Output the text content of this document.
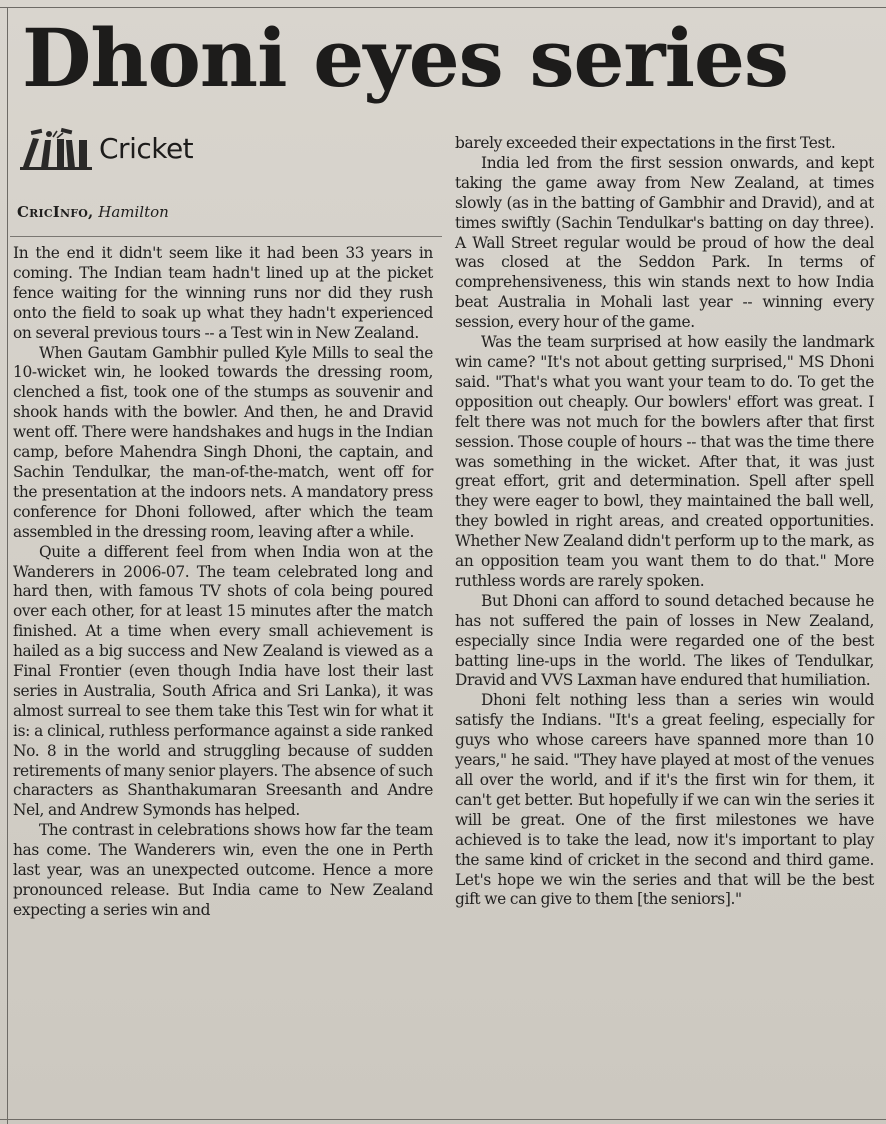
Dhoni eyes series
Cricket
CricInfo, Hamilton

In the end it didn't seem like it had been 33 years in coming. The Indian team hadn't lined up at the picket fence waiting for the winning runs nor did they rush onto the field to soak up what they hadn't experienced on several previous tours -- a Test win in New Zealand.

When Gautam Gambhir pulled Kyle Mills to seal the 10-wicket win, he looked towards the dressing room, clenched a fist, took one of the stumps as souvenir and shook hands with the bowler. And then, he and Dravid went off. There were handshakes and hugs in the Indian camp, before Mahendra Singh Dhoni, the captain, and Sachin Tendulkar, the man-of-the-match, went off for the presentation at the indoors nets. A mandatory press conference for Dhoni followed, after which the team assembled in the dressing room, leaving after a while.

Quite a different feel from when India won at the Wanderers in 2006-07. The team celebrated long and hard then, with famous TV shots of cola being poured over each other, for at least 15 minutes after the match finished. At a time when every small achievement is hailed as a big success and New Zealand is viewed as a Final Frontier (even though India have lost their last series in Australia, South Africa and Sri Lanka), it was almost surreal to see them take this Test win for what it is: a clinical, ruthless performance against a side ranked No. 8 in the world and struggling because of sudden retirements of many senior players. The absence of such characters as Shanthakumaran Sreesanth and Andre Nel, and Andrew Symonds has helped.

The contrast in celebrations shows how far the team has come. The Wanderers win, even the one in Perth last year, was an unexpected outcome. Hence a more pronounced release. But India came to New Zealand expecting a series win and

barely exceeded their expectations in the first Test.

India led from the first session onwards, and kept taking the game away from New Zealand, at times slowly (as in the batting of Gambhir and Dravid), and at times swiftly (Sachin Tendulkar's batting on day three). A Wall Street regular would be proud of how the deal was closed at the Seddon Park. In terms of comprehensiveness, this win stands next to how India beat Australia in Mohali last year -- winning every session, every hour of the game.

Was the team surprised at how easily the landmark win came? "It's not about getting surprised," MS Dhoni said. "That's what you want your team to do. To get the opposition out cheaply. Our bowlers' effort was great. I felt there was not much for the bowlers after that first session. Those couple of hours -- that was the time there was something in the wicket. After that, it was just great effort, grit and determination. Spell after spell they were eager to bowl, they maintained the ball well, they bowled in right areas, and created opportunities. Whether New Zealand didn't perform up to the mark, as an opposition team you want them to do that." More ruthless words are rarely spoken.

But Dhoni can afford to sound detached because he has not suffered the pain of losses in New Zealand, especially since India were regarded one of the best batting line-ups in the world. The likes of Tendulkar, Dravid and VVS Laxman have endured that humiliation.

Dhoni felt nothing less than a series win would satisfy the Indians. "It's a great feeling, especially for guys who whose careers have spanned more than 10 years," he said. "They have played at most of the venues all over the world, and if it's the first win for them, it can't get better. But hopefully if we can win the series it will be great. One of the first milestones we have achieved is to take the lead, now it's important to play the same kind of cricket in the second and third game. Let's hope we win the series and that will be the best gift we can give to them [the seniors]."
